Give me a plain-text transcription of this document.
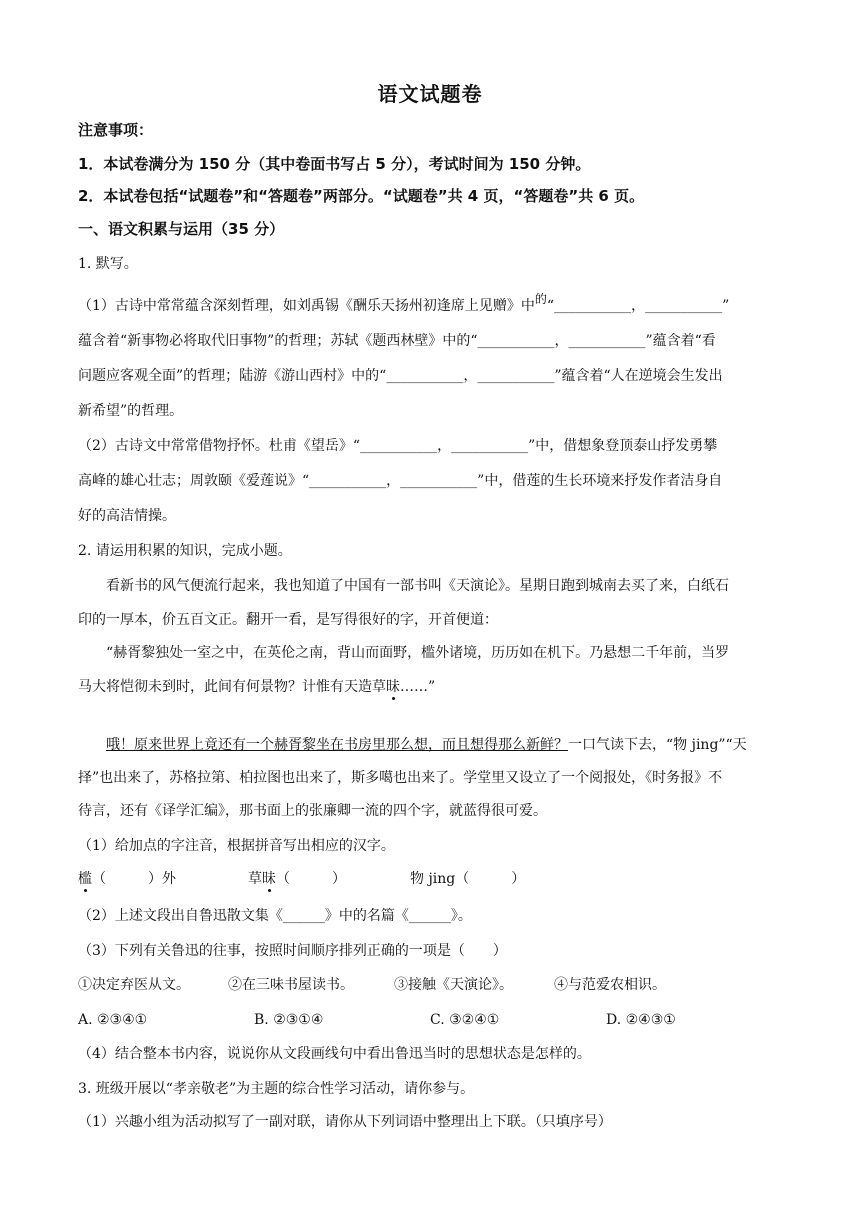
语文试题卷
注意事项：
1．本试卷满分为 150 分（其中卷面书写占 5 分），考试时间为 150 分钟。
2．本试卷包括“试题卷”和“答题卷”两部分。“试题卷”共 4 页，“答题卷”共 6 页。
一、语文积累与运用（35 分）
1. 默写。
（1）古诗中常常蕴含深刻哲理，如刘禹锡《酬乐天扬州初逢席上见赠》中的“___________，___________”
蕴含着“新事物必将取代旧事物”的哲理；苏轼《题西林壁》中的“___________，___________”蕴含着“看
问题应客观全面”的哲理；陆游《游山西村》中的“___________，___________”蕴含着“人在逆境会生发出
新希望”的哲理。
（2）古诗文中常常借物抒怀。杜甫《望岳》“___________，___________”中，借想象登顶泰山抒发勇攀
高峰的雄心壮志；周敦颐《爱莲说》“___________，___________”中，借莲的生长环境来抒发作者洁身自
好的高洁情操。
2. 请运用积累的知识，完成小题。
看新书的风气便流行起来，我也知道了中国有一部书叫《天演论》。星期日跑到城南去买了来，白纸石
印的一厚本，价五百文正。翻开一看，是写得很好的字，开首便道：
“赫胥黎独处一室之中，在英伦之南，背山而面野，槛外诸境，历历如在机下。乃悬想二千年前，当罗
马大将恺彻未到时，此间有何景物？计惟有天造草昧……”
哦！原来世界上竟还有一个赫胥黎坐在书房里那么想，而且想得那么新鲜？一口气读下去，“物 jing”“天
择”也出来了，苏格拉第、柏拉图也出来了，斯多噶也出来了。学堂里又设立了一个阅报处，《时务报》不
待言，还有《译学汇编》，那书面上的张廉卿一流的四个字，就蓝得很可爱。
（1）给加点的字注音，根据拼音写出相应的汉字。
槛（　　　）外	草昧（　　　）	物 jing（　　　）
（2）上述文段出自鲁迅散文集《______》中的名篇《______》。
（3）下列有关鲁迅的往事，按照时间顺序排列正确的一项是（　　）
①决定弃医从文。	②在三味书屋读书。	③接触《天演论》。	④与范爱农相识。
A. ②③④①	B. ②③①④	C. ③②④①	D. ②④③①
（4）结合整本书内容，说说你从文段画线句中看出鲁迅当时的思想状态是怎样的。
3. 班级开展以“孝亲敬老”为主题的综合性学习活动，请你参与。
（1）兴趣小组为活动拟写了一副对联，请你从下列词语中整理出上下联。（只填序号）
